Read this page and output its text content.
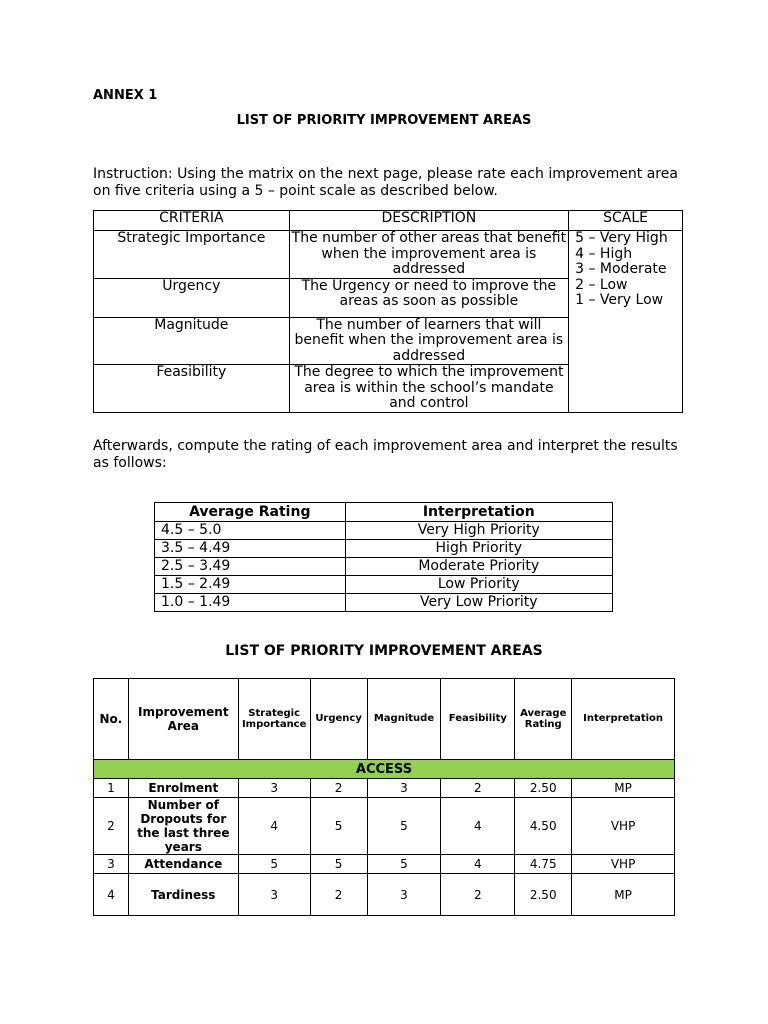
ANNEX 1
LIST OF PRIORITY IMPROVEMENT AREAS
Instruction: Using the matrix on the next page, please rate each improvement area on five criteria using a 5 – point scale as described below.
CRITERIA	DESCRIPTION	SCALE
Strategic Importance	The number of other areas that benefit when the improvement area is addressed	5 – Very High
4 – High
3 – Moderate
2 – Low
1 – Very Low

Urgency	The Urgency or need to improve the areas as soon as possible	
Magnitude	The number of learners that will benefit when the improvement area is addressed	
Feasibility	The degree to which the improvement area is within the school’s mandate and control	
Afterwards, compute the rating of each improvement area and interpret the results as follows:
Average Rating	Interpretation
4.5 – 5.0	Very High Priority
3.5 – 4.49	High Priority
2.5 – 3.49	Moderate Priority
1.5 – 2.49	Low Priority
1.0 – 1.49	Very Low Priority
LIST OF PRIORITY IMPROVEMENT AREAS
No.	Improvement Area	Strategic Importance	Urgency	Magnitude	Feasibility	Average Rating	Interpretation
ACCESS							
1	Enrolment	3	2	3	2	2.50	MP
2	Number of Dropouts for the last three years	4	5	5	4	4.50	VHP
3	Attendance	5	5	5	4	4.75	VHP
4	Tardiness	3	2	3	2	2.50	MP
